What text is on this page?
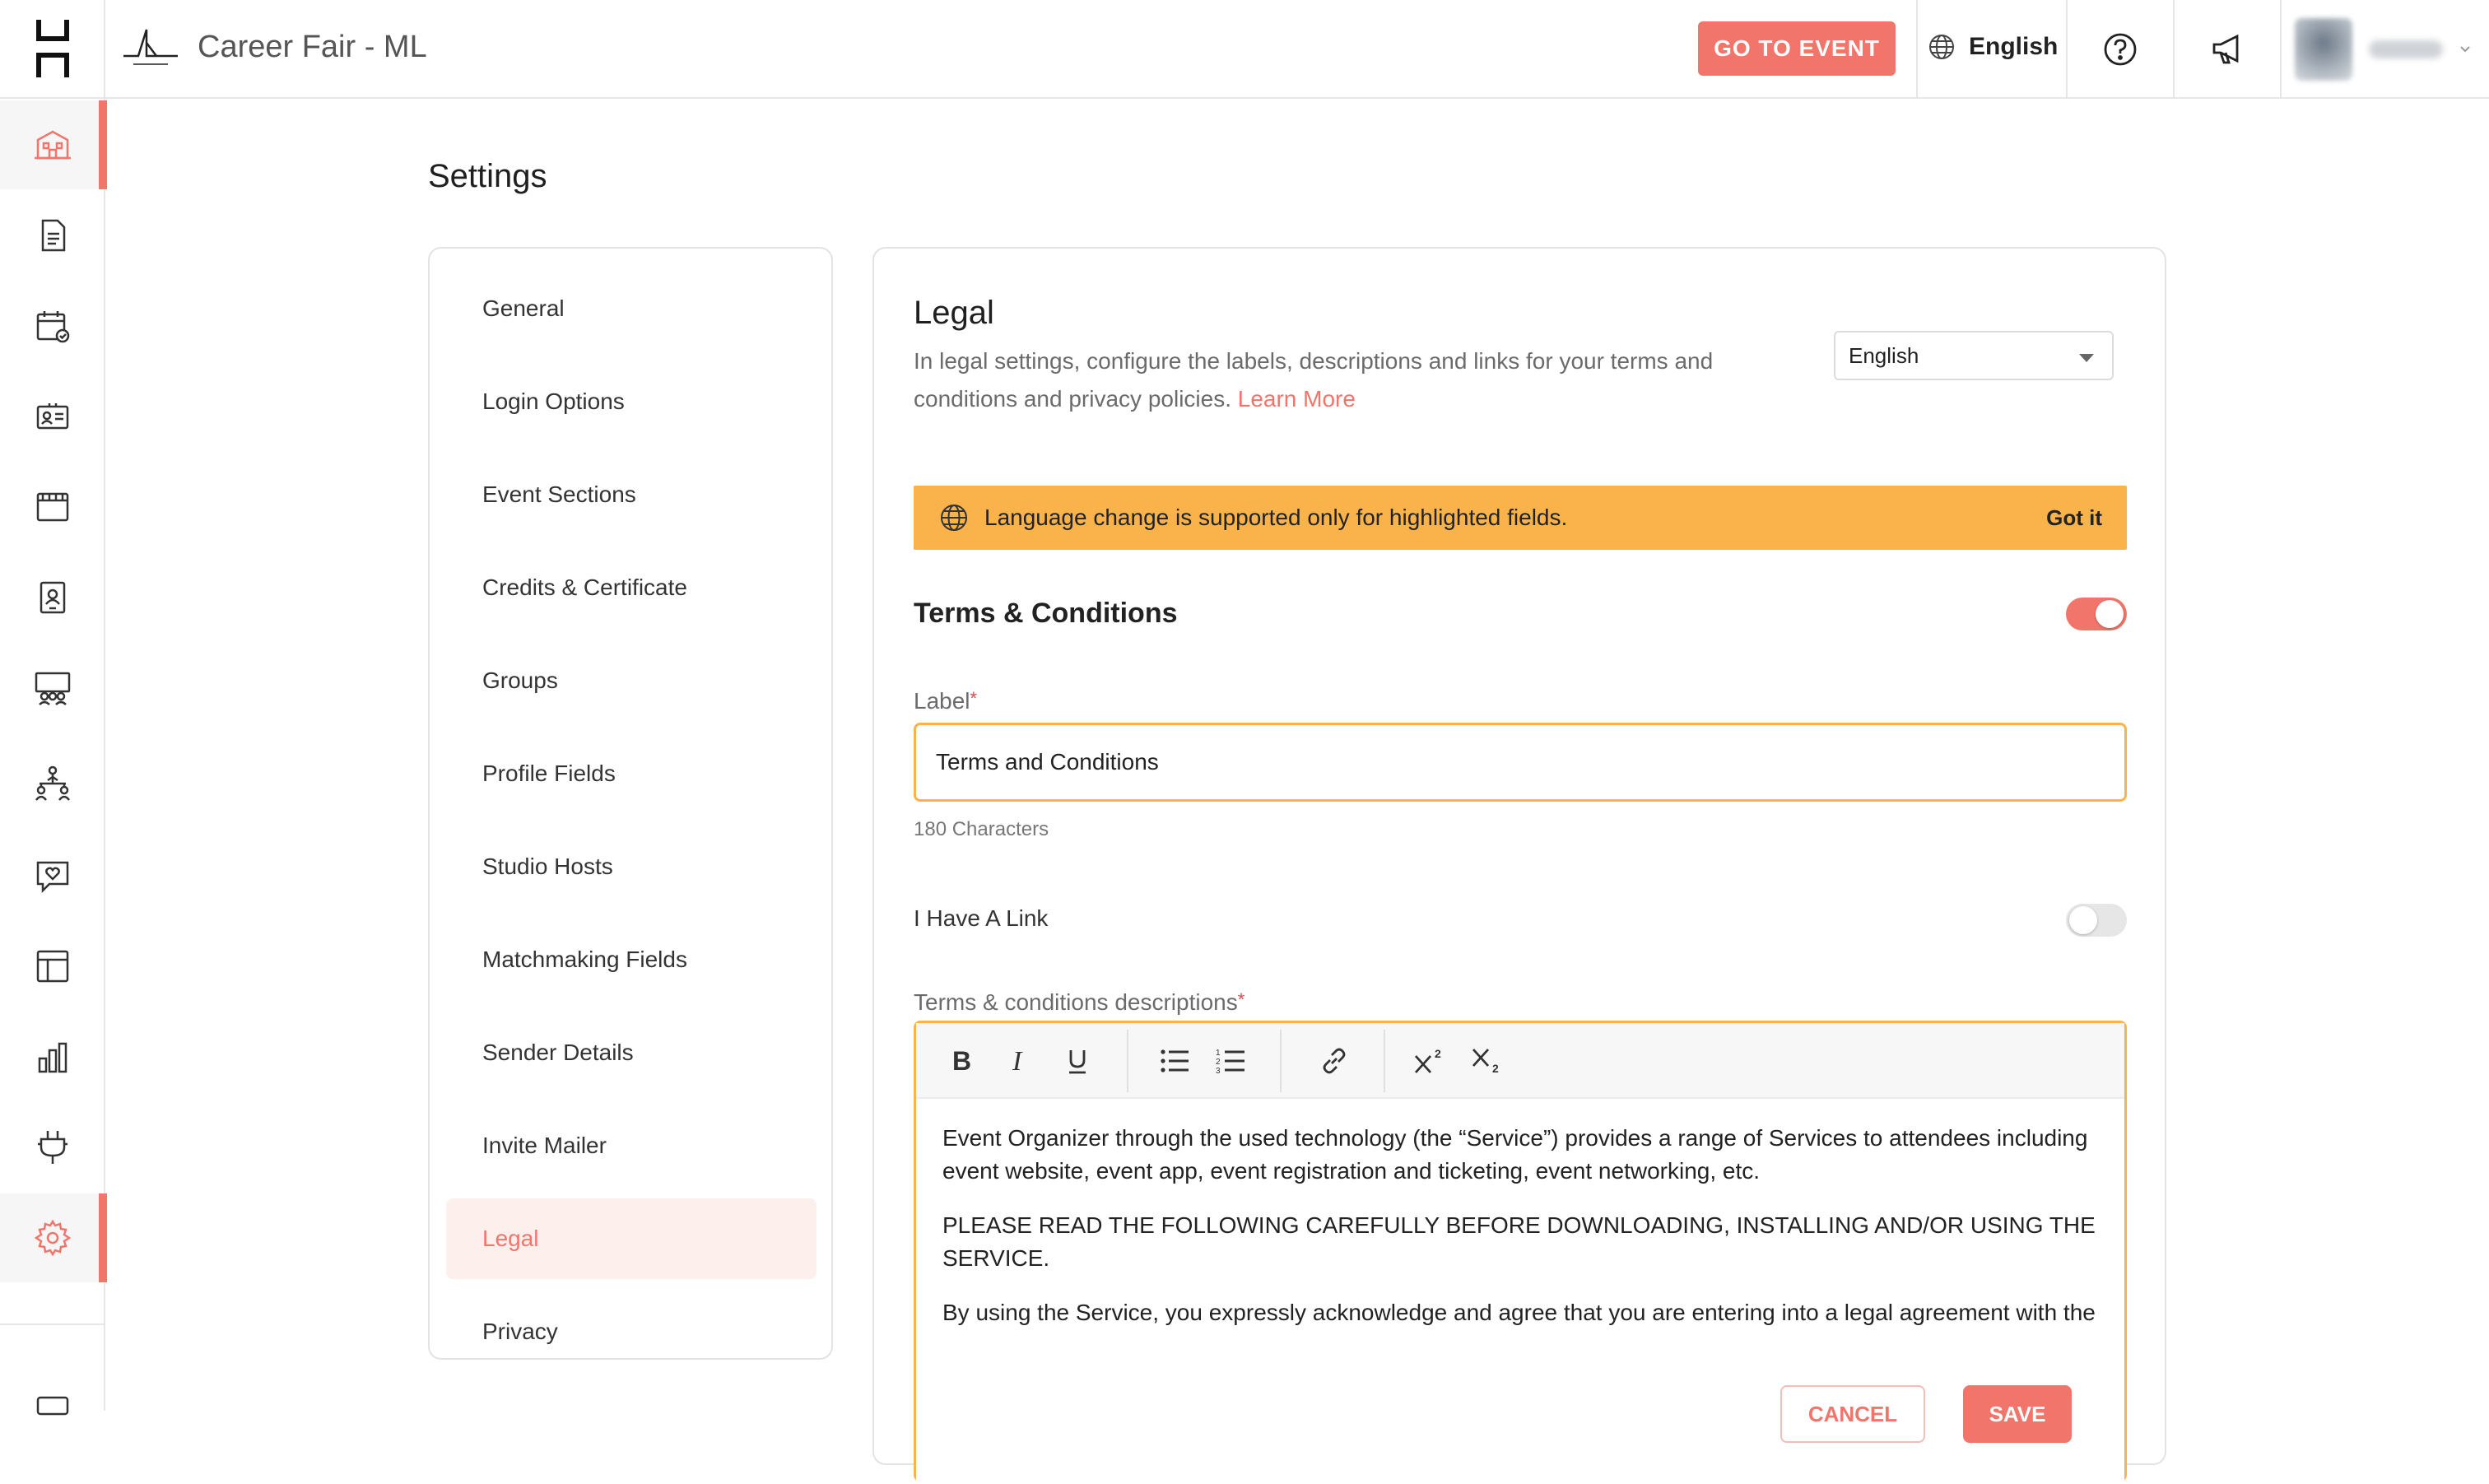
Career Fair - ML	GO TO EVENT	English
Settings
General
Login Options
Event Sections
Credits & Certificate
Groups
Profile Fields
Studio Hosts
Matchmaking Fields
Sender Details
Invite Mailer
Legal
Privacy
Legal
In legal settings, configure the labels, descriptions and links for your terms and conditions and privacy policies. Learn More
English
Language change is supported only for highlighted fields.	Got it
Terms & Conditions
Label*
Terms and Conditions
180 Characters
I Have A Link
Terms & conditions descriptions*
B I	1
2
3
2
2

Event Organizer through the used technology (the “Service”) provides a range of Services to attendees including event website, event app, event registration and ticketing, event networking, etc.

PLEASE READ THE FOLLOWING CAREFULLY BEFORE DOWNLOADING, INSTALLING AND/OR USING THE SERVICE.

By using the Service, you expressly acknowledge and agree that you are entering into a legal agreement with the

CANCEL	SAVE
